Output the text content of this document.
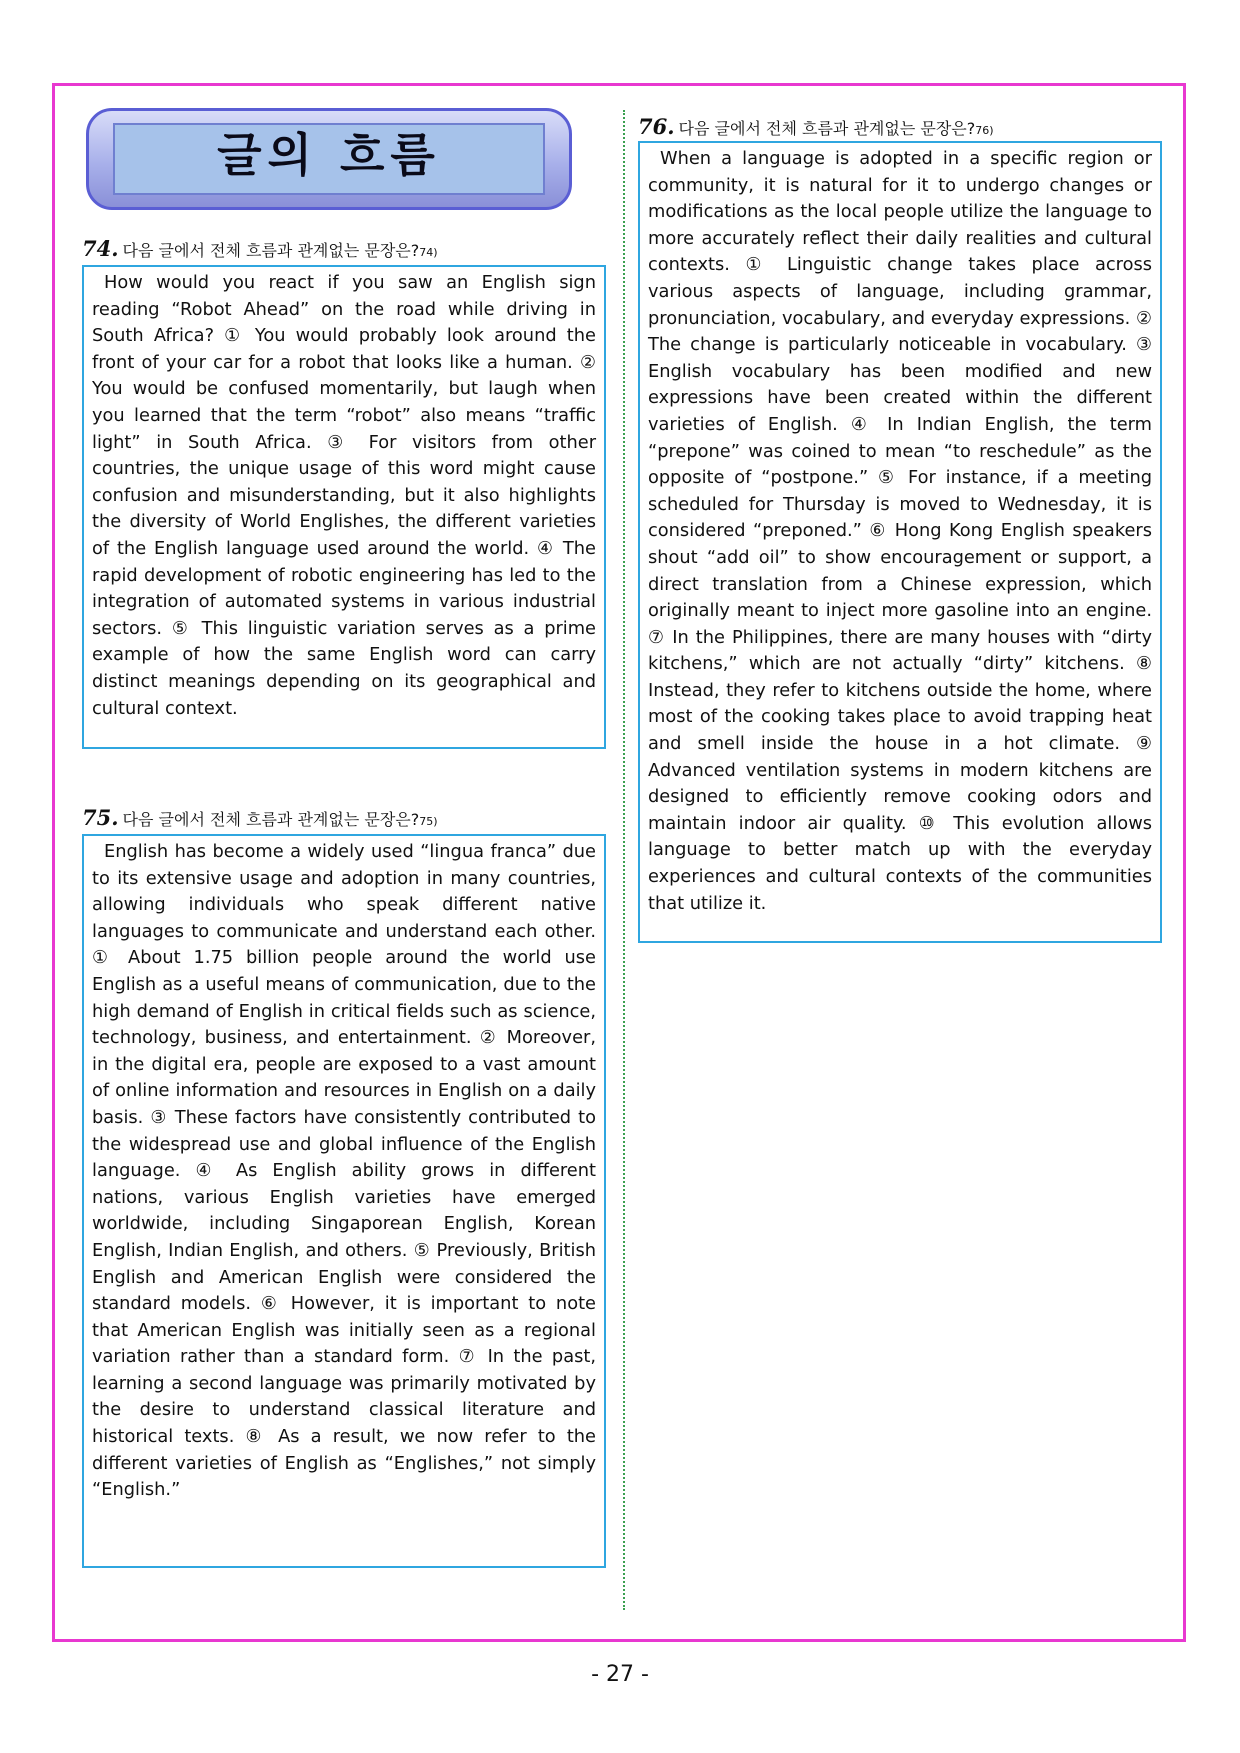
글의 흐름
74. 다음 글에서 전체 흐름과 관계없는 문장은? 74)

How would you react if you saw an English sign reading “Robot Ahead” on the road while driving in South Africa? ① You would probably look around the front of your car for a robot that looks like a human. ② You would be confused momentarily, but laugh when you learned that the term “robot” also means “traffic light” in South Africa. ③ For visitors from other countries, the unique usage of this word might cause confusion and misunderstanding, but it also highlights the diversity of World Englishes, the different varieties of the English language used around the world. ④ The rapid development of robotic engineering has led to the integration of automated systems in various industrial sectors. ⑤ This linguistic variation serves as a prime example of how the same English word can carry distinct meanings depending on its geographical and cultural context.

75. 다음 글에서 전체 흐름과 관계없는 문장은? 75)

English has become a widely used “lingua franca” due to its extensive usage and adoption in many countries, allowing individuals who speak different native languages to communicate and understand each other. ① About 1.75 billion people around the world use English as a useful means of communication, due to the high demand of English in critical fields such as science, technology, business, and entertainment. ② Moreover, in the digital era, people are exposed to a vast amount of online information and resources in English on a daily basis. ③ These factors have consistently contributed to the widespread use and global influence of the English language. ④ As English ability grows in different nations, various English varieties have emerged worldwide, including Singaporean English, Korean English, Indian English, and others. ⑤ Previously, British English and American English were considered the standard models. ⑥ However, it is important to note that American English was initially seen as a regional variation rather than a standard form. ⑦ In the past, learning a second language was primarily motivated by the desire to understand classical literature and historical texts. ⑧ As a result, we now refer to the different varieties of English as “Englishes,” not simply “English.”

76. 다음 글에서 전체 흐름과 관계없는 문장은? 76)

When a language is adopted in a specific region or community, it is natural for it to undergo changes or modifications as the local people utilize the language to more accurately reflect their daily realities and cultural contexts. ① Linguistic change takes place across various aspects of language, including grammar, pronunciation, vocabulary, and everyday expressions. ② The change is particularly noticeable in vocabulary. ③ English vocabulary has been modified and new expressions have been created within the different varieties of English. ④ In Indian English, the term “prepone” was coined to mean “to reschedule” as the opposite of “postpone.” ⑤ For instance, if a meeting scheduled for Thursday is moved to Wednesday, it is considered “preponed.” ⑥ Hong Kong English speakers shout “add oil” to show encouragement or support, a direct translation from a Chinese expression, which originally meant to inject more gasoline into an engine. ⑦ In the Philippines, there are many houses with “dirty kitchens,” which are not actually “dirty” kitchens. ⑧ Instead, they refer to kitchens outside the home, where most of the cooking takes place to avoid trapping heat and smell inside the house in a hot climate. ⑨ Advanced ventilation systems in modern kitchens are designed to efficiently remove cooking odors and maintain indoor air quality. ⑩ This evolution allows language to better match up with the everyday experiences and cultural contexts of the communities that utilize it.

- 27 -
